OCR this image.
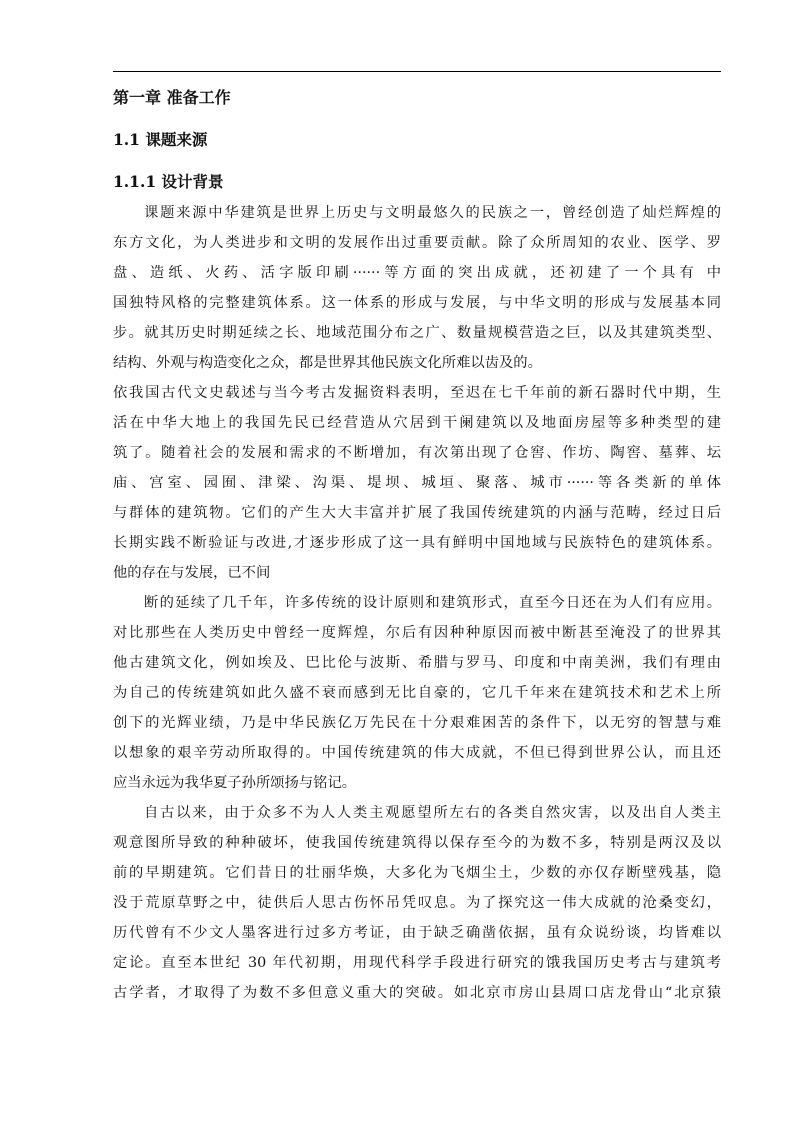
第一章 准备工作
1.1 课题来源
1.1.1 设计背景
课题来源中华建筑是世界上历史与文明最悠久的民族之一，曾经创造了灿烂辉煌的
东方文化，为人类进步和文明的发展作出过重要贡献。除了众所周知的农业、医学、罗
盘、造纸、火药、活字版印刷······等方面的突出成就，还初建了一个具有 中
国独特风格的完整建筑体系。这一体系的形成与发展，与中华文明的形成与发展基本同
步。就其历史时期延续之长、地域范围分布之广、数量规模营造之巨，以及其建筑类型、
结构、外观与构造变化之众，都是世界其他民族文化所难以齿及的。
依我国古代文史载述与当今考古发掘资料表明，至迟在七千年前的新石器时代中期，生
活在中华大地上的我国先民已经营造从穴居到干阑建筑以及地面房屋等多种类型的建
筑了。随着社会的发展和需求的不断增加，有次第出现了仓窖、作坊、陶窖、墓葬、坛
庙、宫室、园囿、津梁、沟渠、堤坝、城垣、聚落、城市······等各类新的单体
与群体的建筑物。它们的产生大大丰富并扩展了我国传统建筑的内涵与范畴，经过日后
长期实践不断验证与改进,才逐步形成了这一具有鲜明中国地域与民族特色的建筑体系。
他的存在与发展，已不间
断的延续了几千年，许多传统的设计原则和建筑形式，直至今日还在为人们有应用。
对比那些在人类历史中曾经一度辉煌，尔后有因种种原因而被中断甚至淹没了的世界其
他古建筑文化，例如埃及、巴比伦与波斯、希腊与罗马、印度和中南美洲，我们有理由
为自己的传统建筑如此久盛不衰而感到无比自豪的，它几千年来在建筑技术和艺术上所
创下的光辉业绩，乃是中华民族亿万先民在十分艰难困苦的条件下，以无穷的智慧与难
以想象的艰辛劳动所取得的。中国传统建筑的伟大成就，不但已得到世界公认，而且还
应当永远为我华夏子孙所颂扬与铭记。
自古以来，由于众多不为人人类主观愿望所左右的各类自然灾害，以及出自人类主
观意图所导致的种种破坏，使我国传统建筑得以保存至今的为数不多，特别是两汉及以
前的早期建筑。它们昔日的壮丽华焕，大多化为飞烟尘土，少数的亦仅存断壁残基，隐
没于荒原草野之中，徒供后人思古伤怀吊凭叹息。为了探究这一伟大成就的沧桑变幻，
历代曾有不少文人墨客进行过多方考证，由于缺乏确凿依据，虽有众说纷谈，均皆难以
定论。直至本世纪 30 年代初期，用现代科学手段进行研究的饿我国历史考古与建筑考
古学者，才取得了为数不多但意义重大的突破。如北京市房山县周口店龙骨山“北京猿
